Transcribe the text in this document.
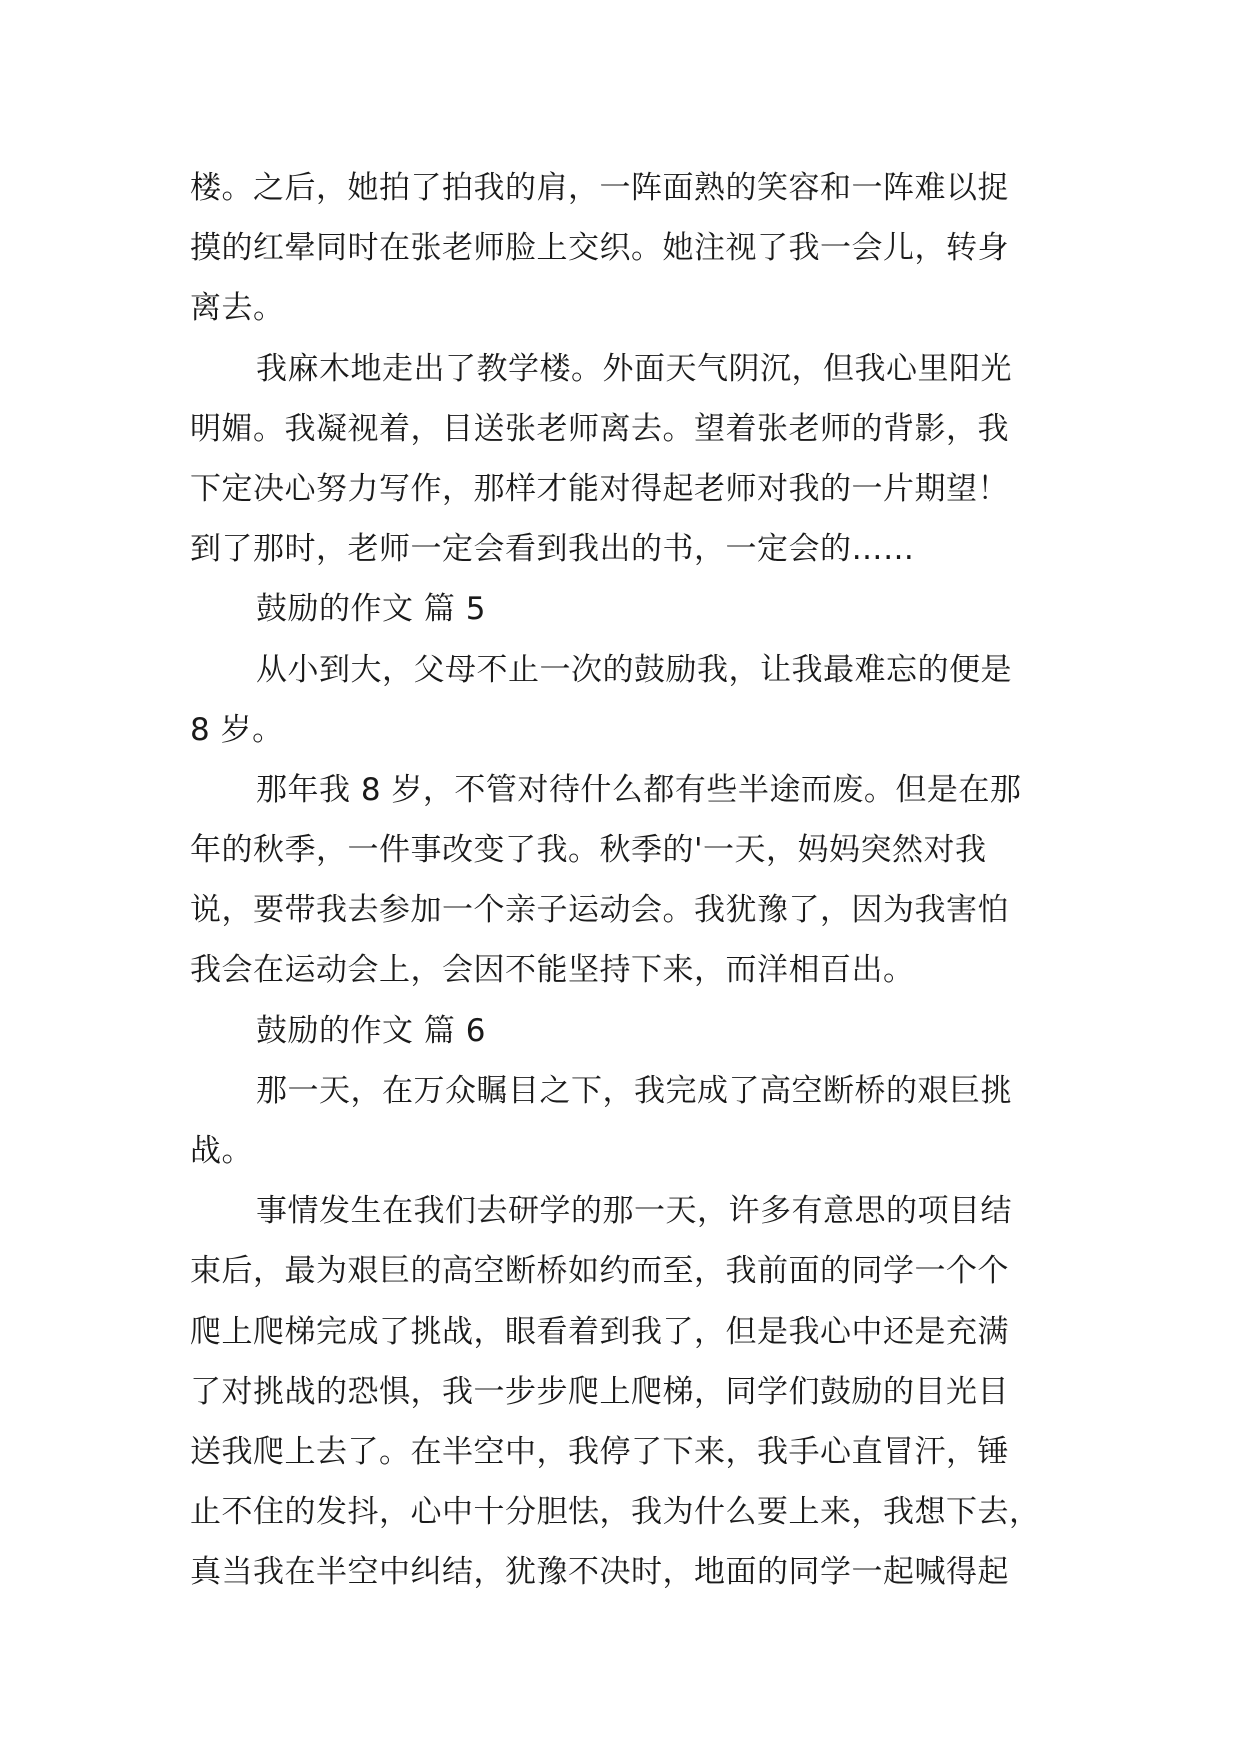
楼。之后，她拍了拍我的肩，一阵面熟的笑容和一阵难以捉
摸的红晕同时在张老师脸上交织。她注视了我一会儿，转身
离去。
我麻木地走出了教学楼。外面天气阴沉，但我心里阳光
明媚。我凝视着，目送张老师离去。望着张老师的背影，我
下定决心努力写作，那样才能对得起老师对我的一片期望！
到了那时，老师一定会看到我出的书，一定会的……
鼓励的作文 篇 5
从小到大，父母不止一次的鼓励我，让我最难忘的便是
8 岁。
那年我 8 岁，不管对待什么都有些半途而废。但是在那
年的秋季，一件事改变了我。秋季的'一天，妈妈突然对我
说，要带我去参加一个亲子运动会。我犹豫了，因为我害怕
我会在运动会上，会因不能坚持下来，而洋相百出。
鼓励的作文 篇 6
那一天，在万众瞩目之下，我完成了高空断桥的艰巨挑
战。
事情发生在我们去研学的那一天，许多有意思的项目结
束后，最为艰巨的高空断桥如约而至，我前面的同学一个个
爬上爬梯完成了挑战，眼看着到我了，但是我心中还是充满
了对挑战的恐惧，我一步步爬上爬梯，同学们鼓励的目光目
送我爬上去了。在半空中，我停了下来，我手心直冒汗，锤
止不住的发抖，心中十分胆怯，我为什么要上来，我想下去，
真当我在半空中纠结，犹豫不决时，地面的同学一起喊得起
